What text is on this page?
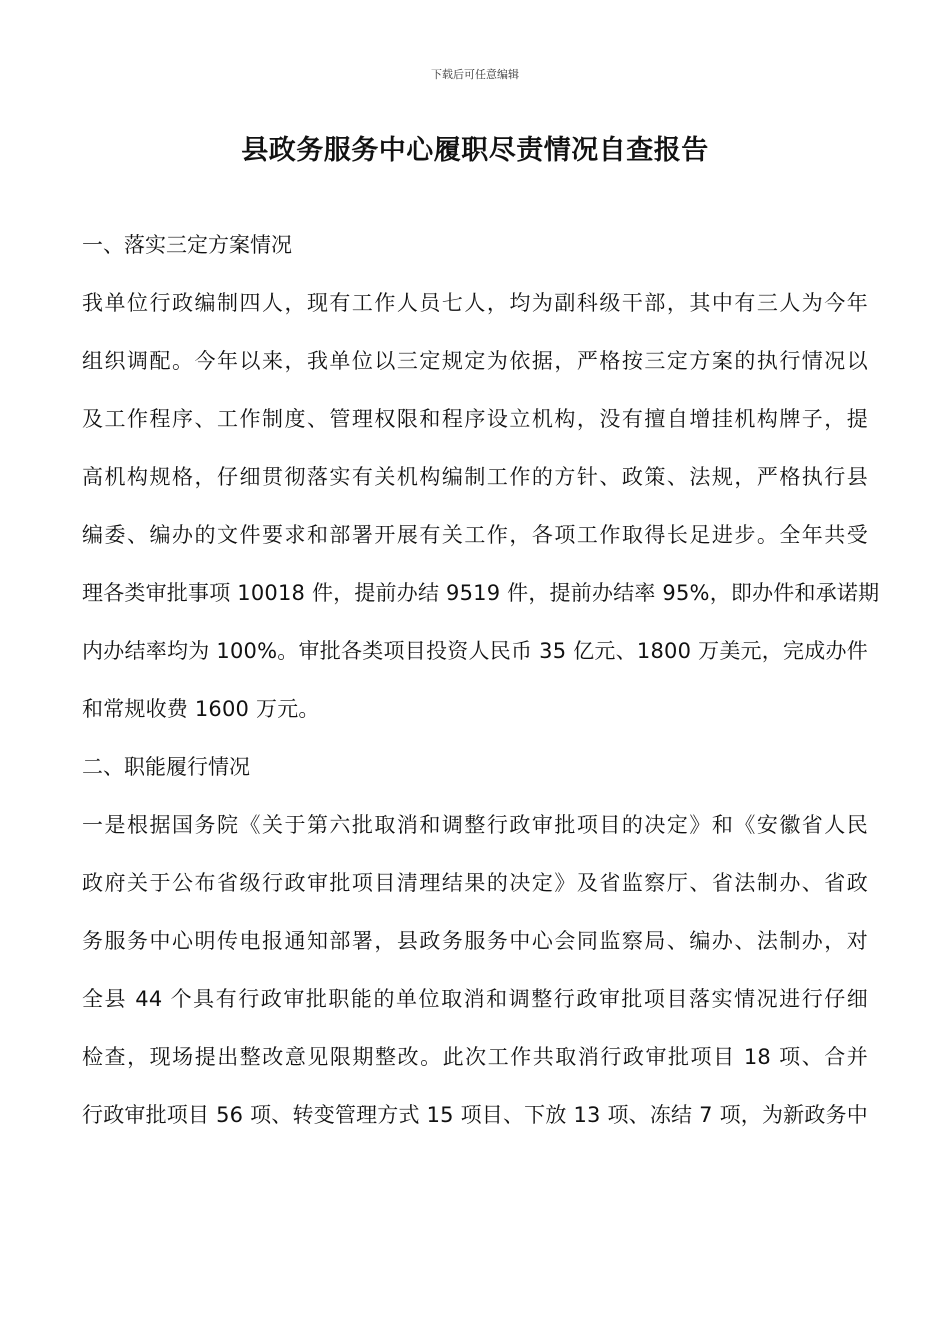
下载后可任意编辑
县政务服务中心履职尽责情况自查报告
一、落实三定方案情况
我单位行政编制四人，现有工作人员七人，均为副科级干部，其中有三人为今年
组织调配。今年以来，我单位以三定规定为依据，严格按三定方案的执行情况以
及工作程序、工作制度、管理权限和程序设立机构，没有擅自增挂机构牌子，提
高机构规格，仔细贯彻落实有关机构编制工作的方针、政策、法规，严格执行县
编委、编办的文件要求和部署开展有关工作，各项工作取得长足进步。全年共受
理各类审批事项 10018 件，提前办结 9519 件，提前办结率 95%，即办件和承诺期
内办结率均为 100%。审批各类项目投资人民币 35 亿元、1800 万美元，完成办件
和常规收费 1600 万元。
二、职能履行情况
一是根据国务院《关于第六批取消和调整行政审批项目的决定》和《安徽省人民
政府关于公布省级行政审批项目清理结果的决定》及省监察厅、省法制办、省政
务服务中心明传电报通知部署，县政务服务中心会同监察局、编办、法制办，对
全县 44 个具有行政审批职能的单位取消和调整行政审批项目落实情况进行仔细
检查，现场提出整改意见限期整改。此次工作共取消行政审批项目 18 项、合并
行政审批项目 56 项、转变管理方式 15 项目、下放 13 项、冻结 7 项，为新政务中
